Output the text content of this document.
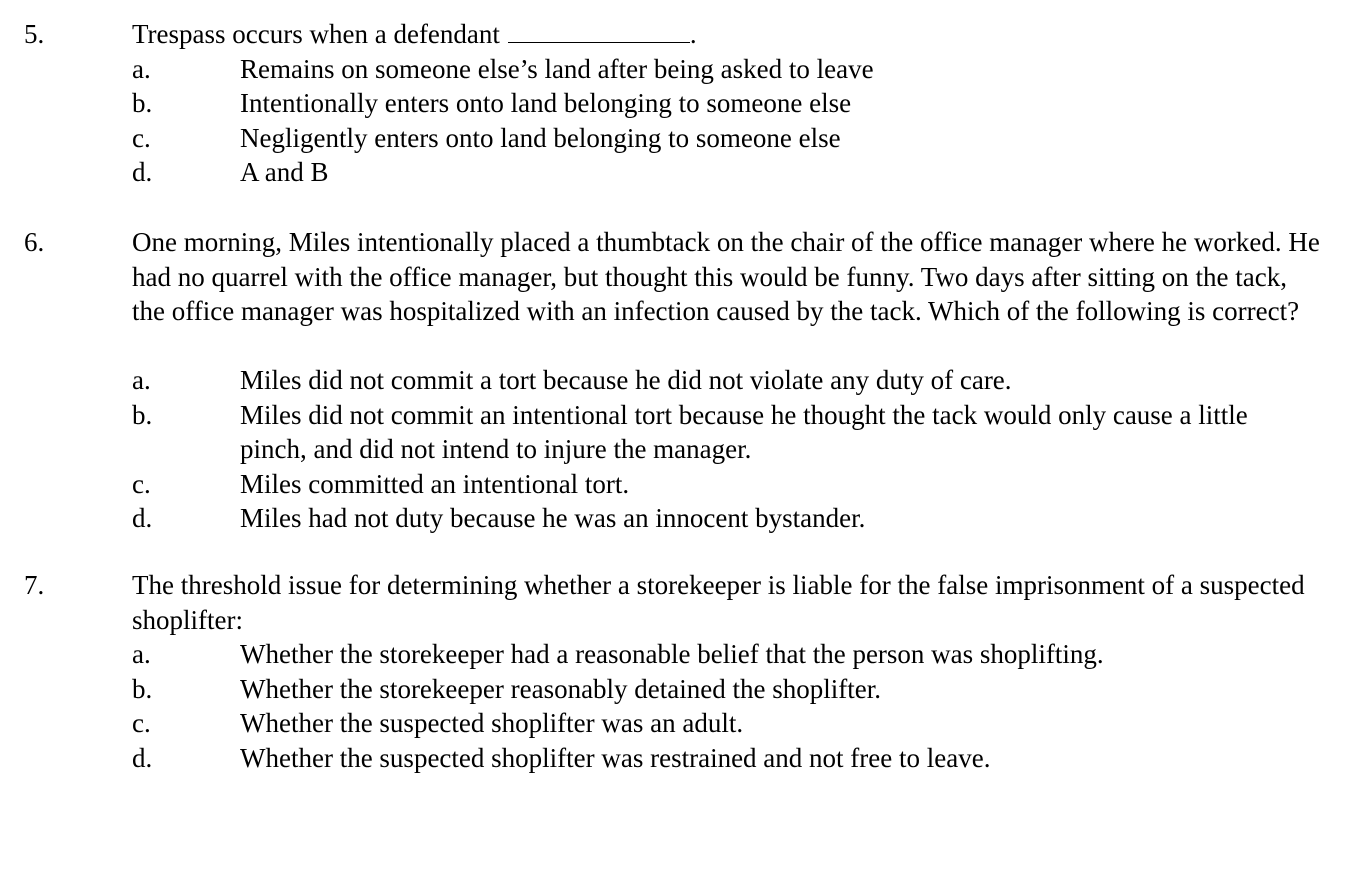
5.	Trespass occurs when a defendant	.
a.	Remains on someone else’s land after being asked to leave
b.	Intentionally enters onto land belonging to someone else
c.	Negligently enters onto land belonging to someone else
d.	A and B
6.	One morning, Miles intentionally placed a thumbtack on the chair of the office manager where he worked. He had no quarrel with the office manager, but thought this would be funny. Two days after sitting on the tack, the office manager was hospitalized with an infection caused by the tack. Which of the following is correct?
a.	Miles did not commit a tort because he did not violate any duty of care.
b.	Miles did not commit an intentional tort because he thought the tack would only cause a little pinch, and did not intend to injure the manager.
c.	Miles committed an intentional tort.
d.	Miles had not duty because he was an innocent bystander.
7.	The threshold issue for determining whether a storekeeper is liable for the false imprisonment of a suspected shoplifter:
a.	Whether the storekeeper had a reasonable belief that the person was shoplifting.
b.	Whether the storekeeper reasonably detained the shoplifter.
c.	Whether the suspected shoplifter was an adult.
d.	Whether the suspected shoplifter was restrained and not free to leave.
